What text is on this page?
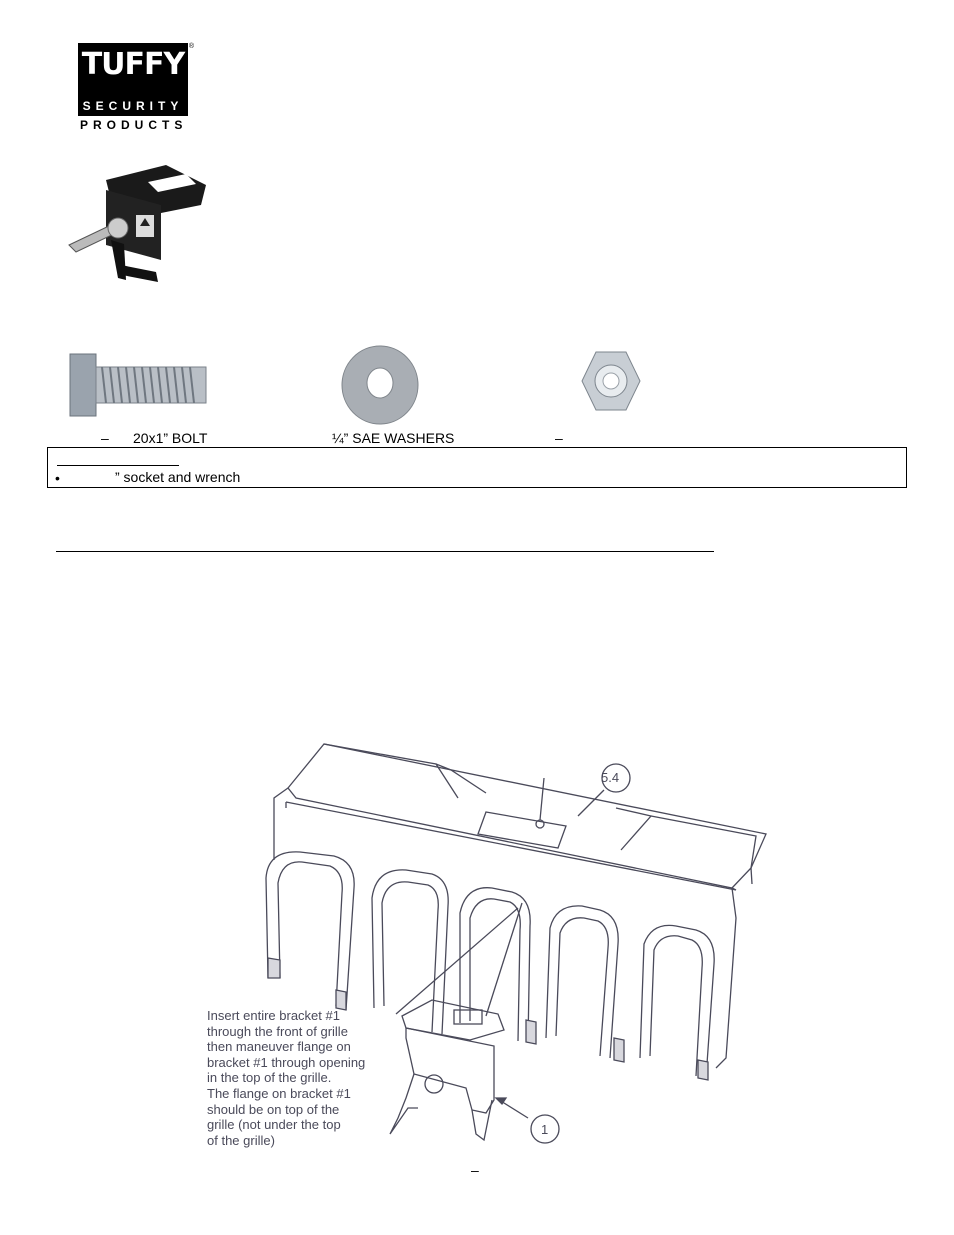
TUFFY
®
SECURITY
PRODUCTS
– 20x1” BOLT	¼” SAE WASHERS	–
•	” socket and wrench
5.4
1
Insert entire bracket #1
through the front of grille
then maneuver flange on
bracket #1 through opening
in the top of the grille.
The flange on bracket #1
should be on top of the
grille (not under the top
of the grille)
–
